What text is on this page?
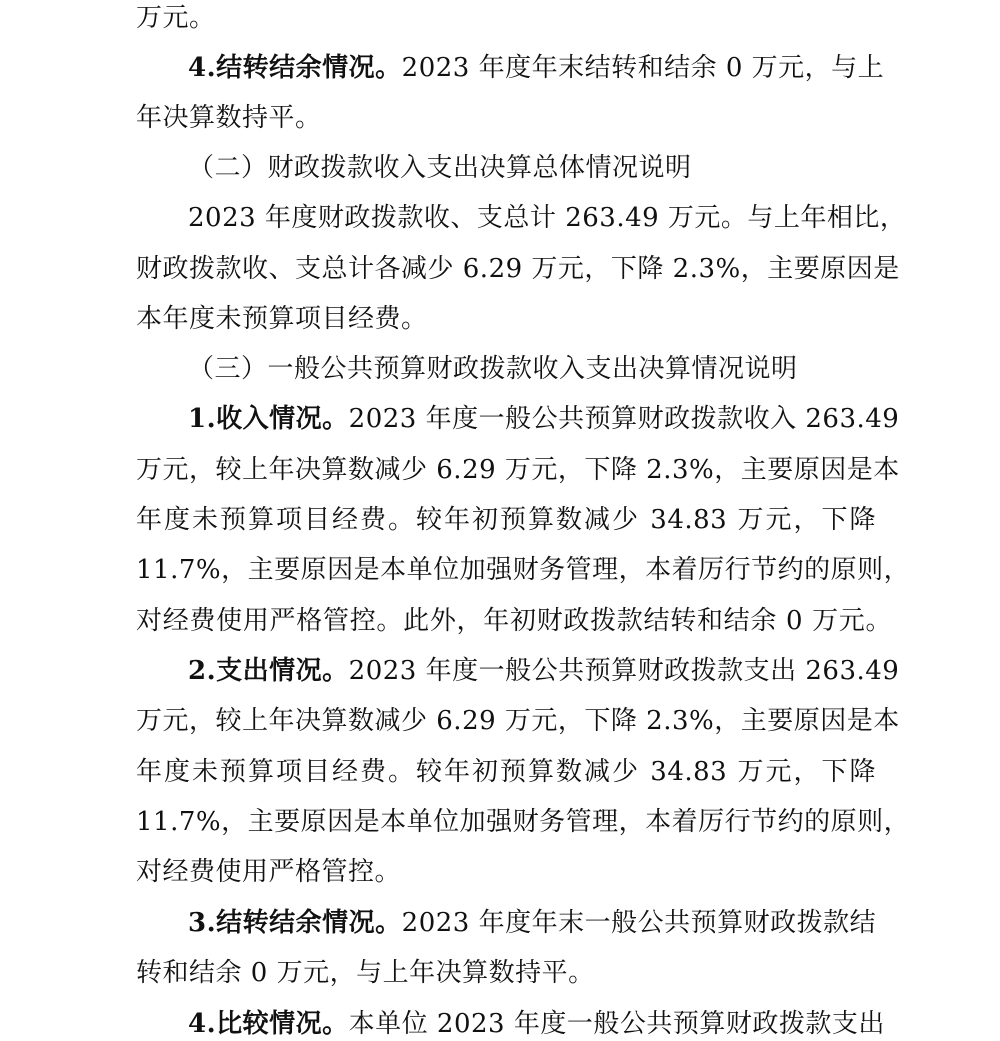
万元。
4.结转结余情况。2023 年度年末结转和结余 0 万元，与上
年决算数持平。
（二）财政拨款收入支出决算总体情况说明
2023 年度财政拨款收、支总计 263.49 万元。与上年相比，
财政拨款收、支总计各减少 6.29 万元，下降 2.3%，主要原因是
本年度未预算项目经费。
（三）一般公共预算财政拨款收入支出决算情况说明
1.收入情况。2023 年度一般公共预算财政拨款收入 263.49
万元，较上年决算数减少 6.29 万元，下降 2.3%，主要原因是本
年度未预算项目经费。较年初预算数减少 34.83 万元，下降
11.7%，主要原因是本单位加强财务管理，本着厉行节约的原则，
对经费使用严格管控。此外，年初财政拨款结转和结余 0 万元。
2.支出情况。2023 年度一般公共预算财政拨款支出 263.49
万元，较上年决算数减少 6.29 万元，下降 2.3%，主要原因是本
年度未预算项目经费。较年初预算数减少 34.83 万元，下降
11.7%，主要原因是本单位加强财务管理，本着厉行节约的原则，
对经费使用严格管控。
3.结转结余情况。2023 年度年末一般公共预算财政拨款结
转和结余 0 万元，与上年决算数持平。
4.比较情况。本单位 2023 年度一般公共预算财政拨款支出
